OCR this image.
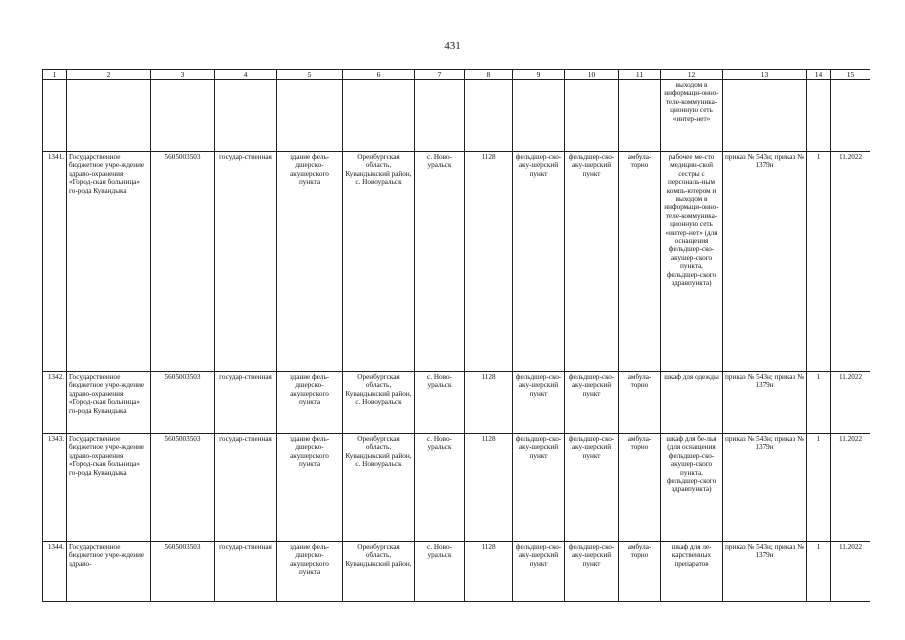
431
1	2	3	4	5	6	7	8	9	10	11	12	13	14	15
											выходом в информаци-онно-теле-коммуника-ционную сеть «интер-нет»			
1341.	Государственное бюджетное учре-ждение здраво-охранения «Город-ская больница» го-рода Кувандыка	5605003503	государ-ственная	здание фель-дшерско-акушерского пункта	Оренбургская область, Кувандыкский район, с. Новоуральск	с. Ново-уральск	1128	фельдшер-ско-аку-шерский пункт	фельдшер-ско-аку-шерский пункт	амбула-торно	рабочее ме-сто медицин-ской сестры с персональ-ным компь-ютером и выходом в информаци-онно-теле-коммуника-ционную сеть «интер-нет» (для оснащения фельдшер-ско-акушер-ского пункта, фельдшер-ского здравпункта)	приказ № 543н; приказ № 1379н	1	11.2022
1342.	Государственное бюджетное учре-ждение здраво-охранения «Город-ская больница» го-рода Кувандыка	5605003503	государ-ственная	здание фель-дшерско-акушерского пункта	Оренбургская область, Кувандыкский район, с. Новоуральск	с. Ново-уральск	1128	фельдшер-ско-аку-шерский пункт	фельдшер-ско-аку-шерский пункт	амбула-торно	шкаф для одежды	приказ № 543н; приказ № 1379н	1	11.2022
1343.	Государственное бюджетное учре-ждение здраво-охранения «Город-ская больница» го-рода Кувандыка	5605003503	государ-ственная	здание фель-дшерско-акушерского пункта	Оренбургская область, Кувандыкский район, с. Новоуральск	с. Ново-уральск	1128	фельдшер-ско-аку-шерский пункт	фельдшер-ско-аку-шерский пункт	амбула-торно	шкаф для бе-лья (для оснащения фельдшер-ско-акушер-ского пункта, фельдшер-ского здравпункта)	приказ № 543н; приказ № 1379н	1	11.2022
1344.	Государственное бюджетное учре-ждение здраво-	5605003503	государ-ственная	здание фель-дшерско-акушерского пункта	Оренбургская область, Кувандыкский район,	с. Ново-уральск	1128	фельдшер-ско-аку-шерский пункт	фельдшер-ско-аку-шерский пункт	амбула-торно	шкаф для ле-карственных препаратов	приказ № 543н; приказ № 1379н	1	11.2022
